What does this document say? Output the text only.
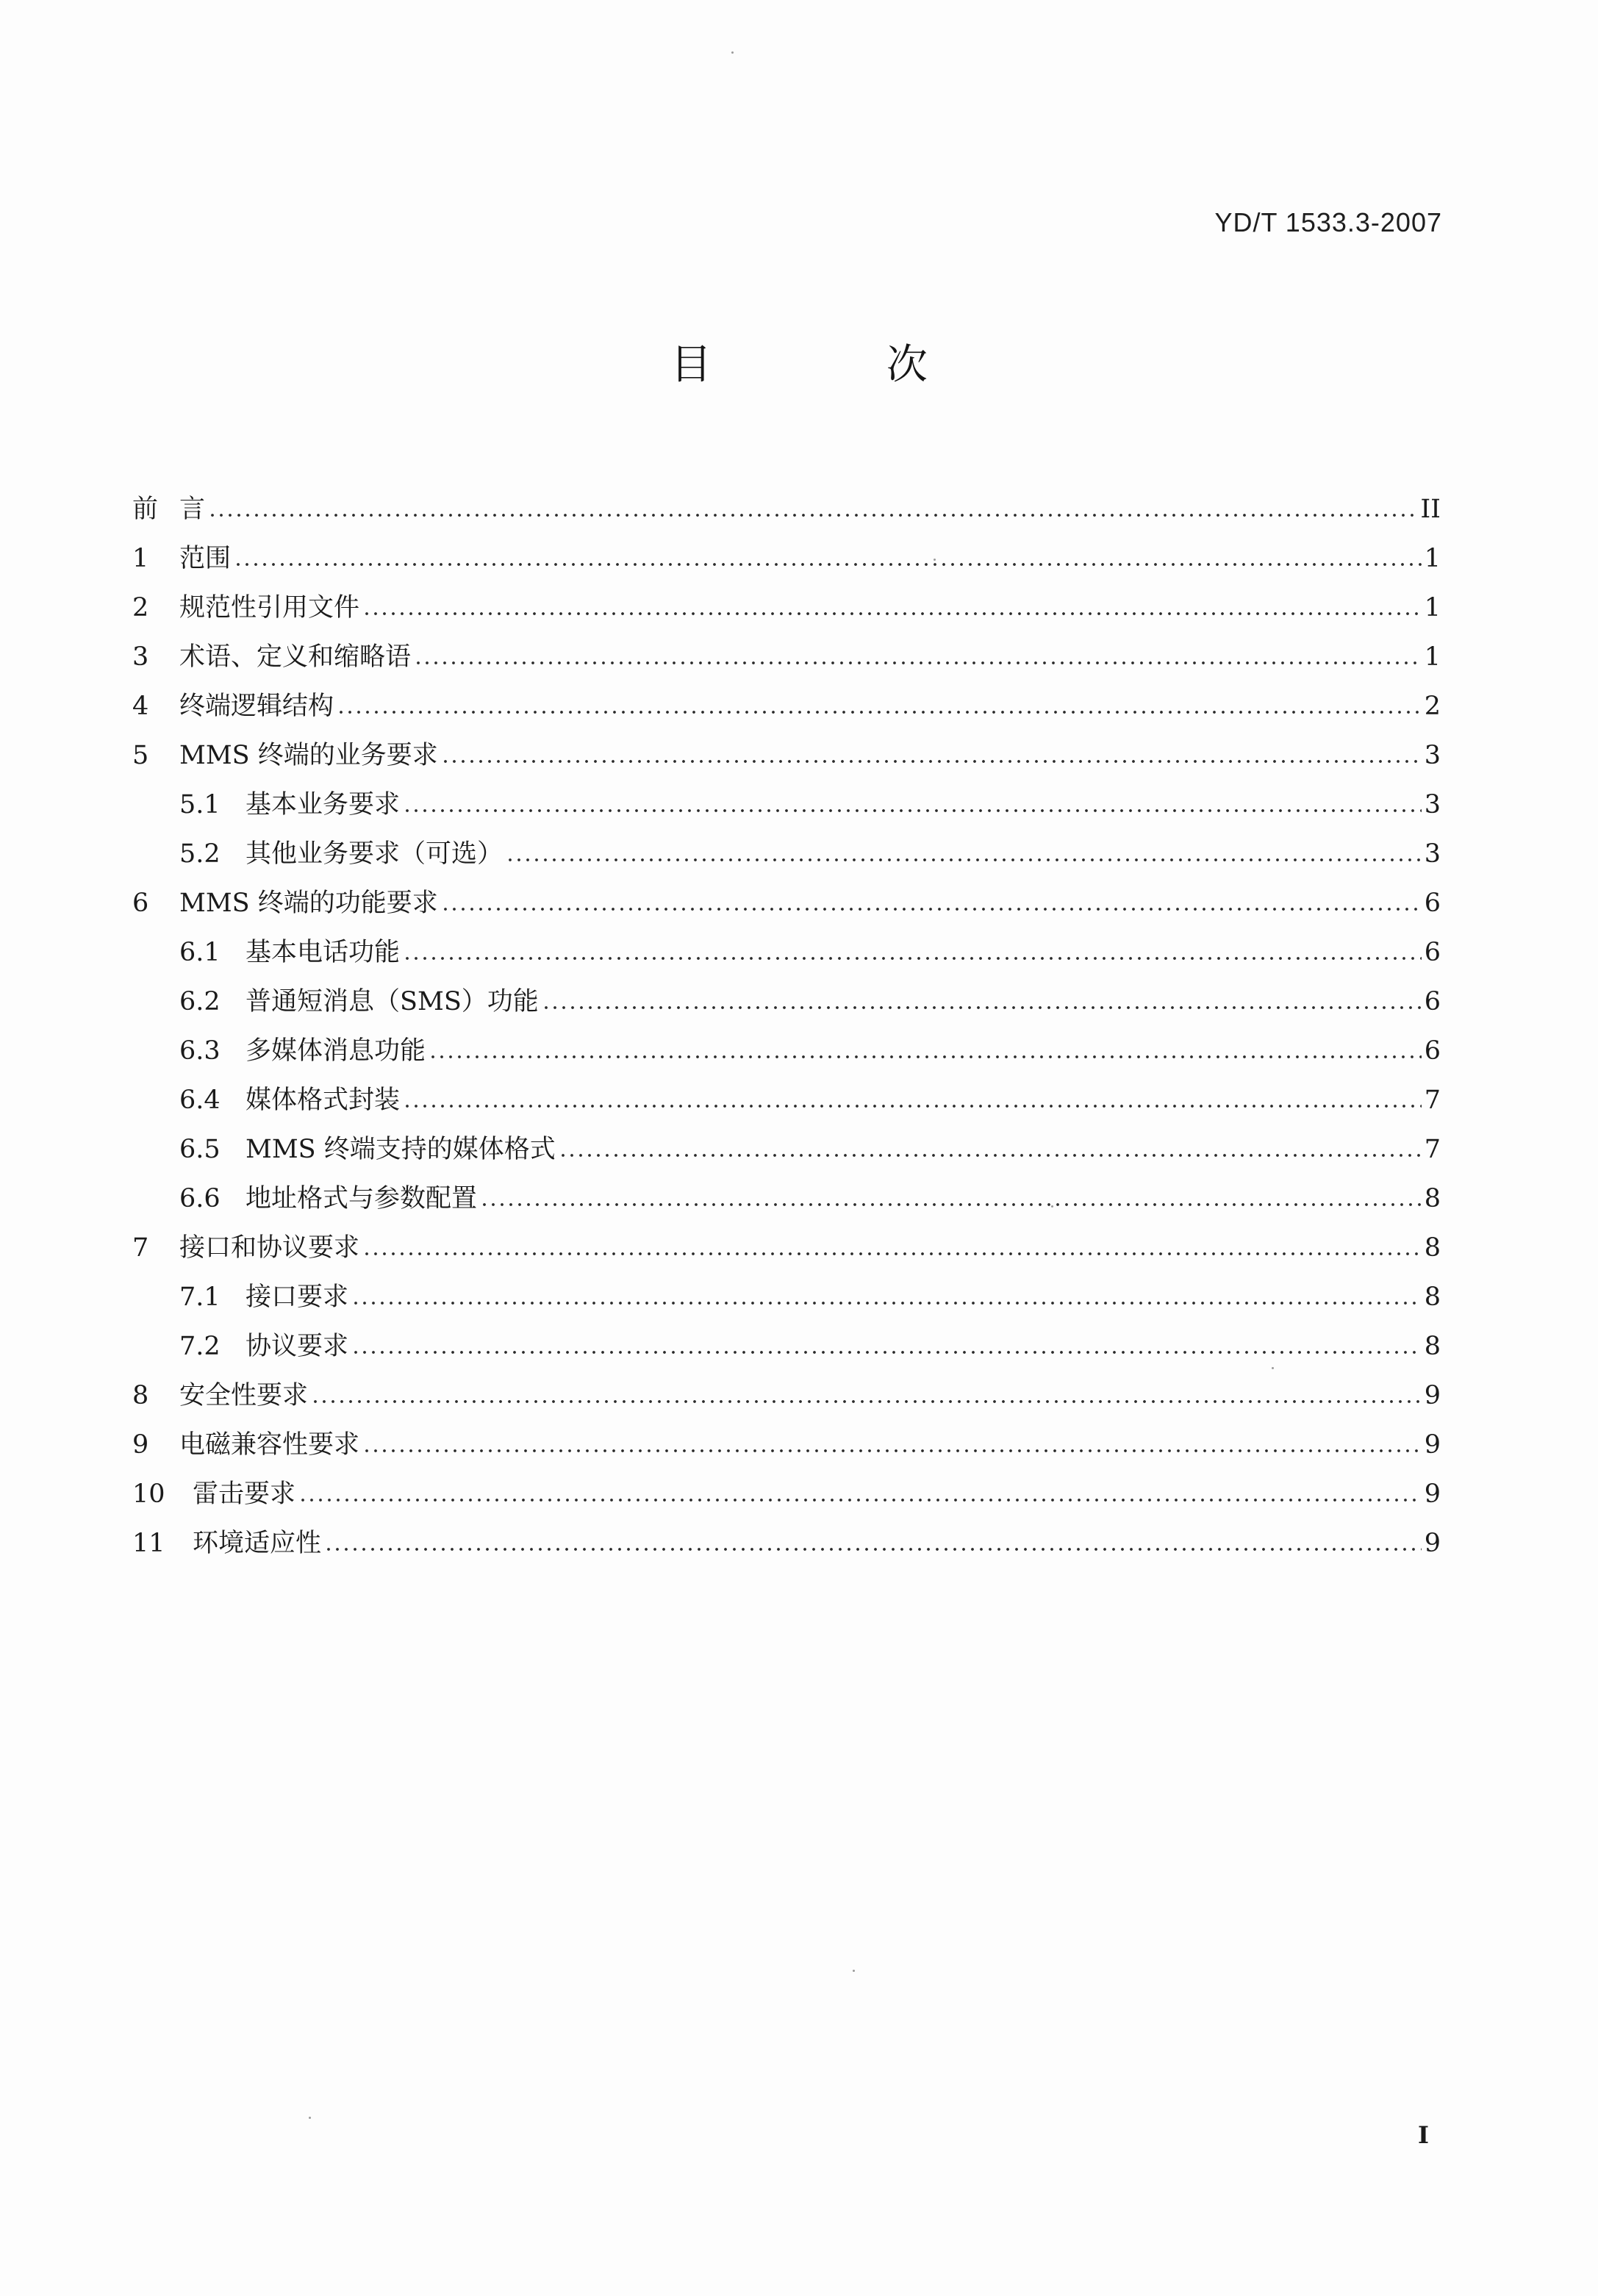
YD/T 1533.3-2007
目 次
前 言	II
1	范围	1
2	规范性引用文件	1
3	术语、定义和缩略语	1
4	终端逻辑结构	2
5	MMS 终端的业务要求	3
5.1 基本业务要求	3
5.2 其他业务要求（可选）	3
6	MMS 终端的功能要求	6
6.1 基本电话功能	6
6.2 普通短消息（SMS）功能	6
6.3 多媒体消息功能	6
6.4 媒体格式封装	7
6.5 MMS 终端支持的媒体格式	7
6.6 地址格式与参数配置	8
7	接口和协议要求	8
7.1 接口要求	8
7.2 协议要求	8
8	安全性要求	9
9	电磁兼容性要求	9
10	雷击要求	9
11	环境适应性	9
I
